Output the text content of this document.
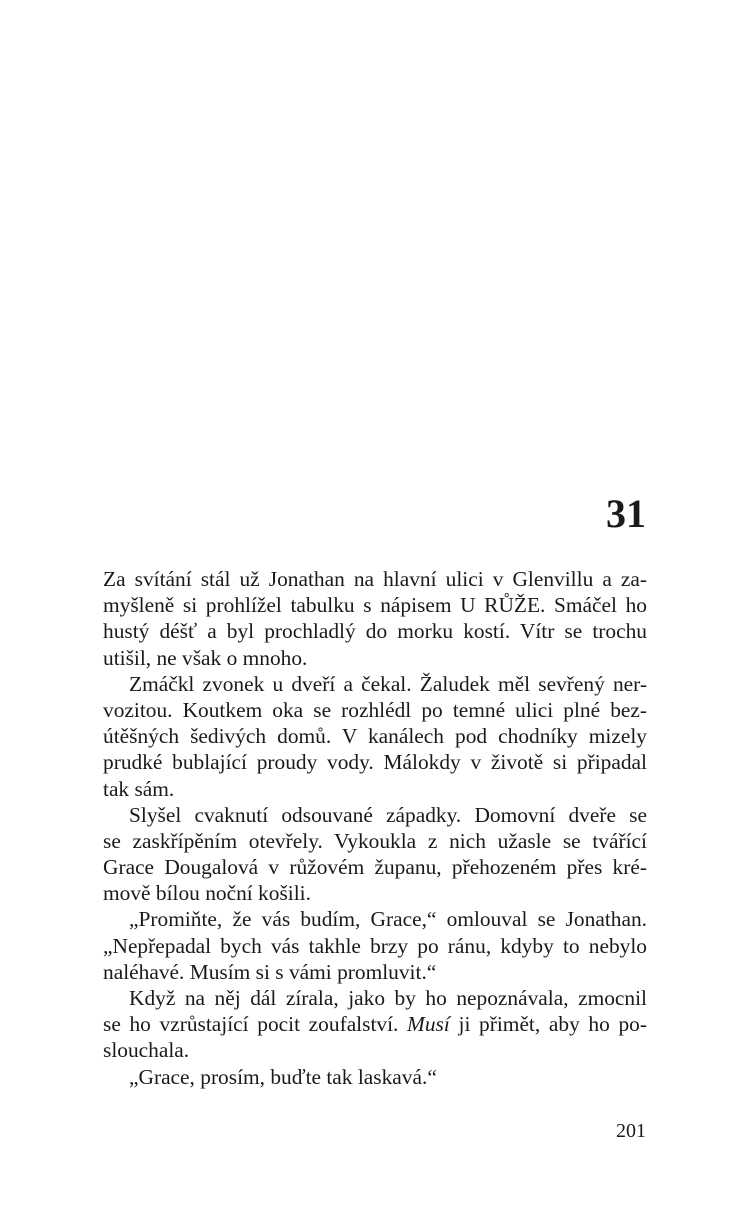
31
Za svítání stál už Jonathan na hlavní ulici v Glenvillu a za-
myšleně si prohlížel tabulku s nápisem U RŮŽE. Smáčel ho
hustý déšť a byl prochladlý do morku kostí. Vítr se trochu
utišil, ne však o mnoho.
Zmáčkl zvonek u dveří a čekal. Žaludek měl sevřený ner-
vozitou. Koutkem oka se rozhlédl po temné ulici plné bez-
útěšných šedivých domů. V kanálech pod chodníky mizely
prudké bublající proudy vody. Málokdy v životě si připadal
tak sám.
Slyšel cvaknutí odsouvané západky. Domovní dveře se
se zaskřípěním otevřely. Vykoukla z nich užasle se tvářící
Grace Dougalová v růžovém županu, přehozeném přes kré-
mově bílou noční košili.
„Promiňte, že vás budím, Grace,“ omlouval se Jonathan.
„Nepřepadal bych vás takhle brzy po ránu, kdyby to nebylo
naléhavé. Musím si s vámi promluvit.“
Když na něj dál zírala, jako by ho nepoznávala, zmocnil
se ho vzrůstající pocit zoufalství. Musí ji přimět, aby ho po-
slouchala.
„Grace, prosím, buďte tak laskavá.“
201
